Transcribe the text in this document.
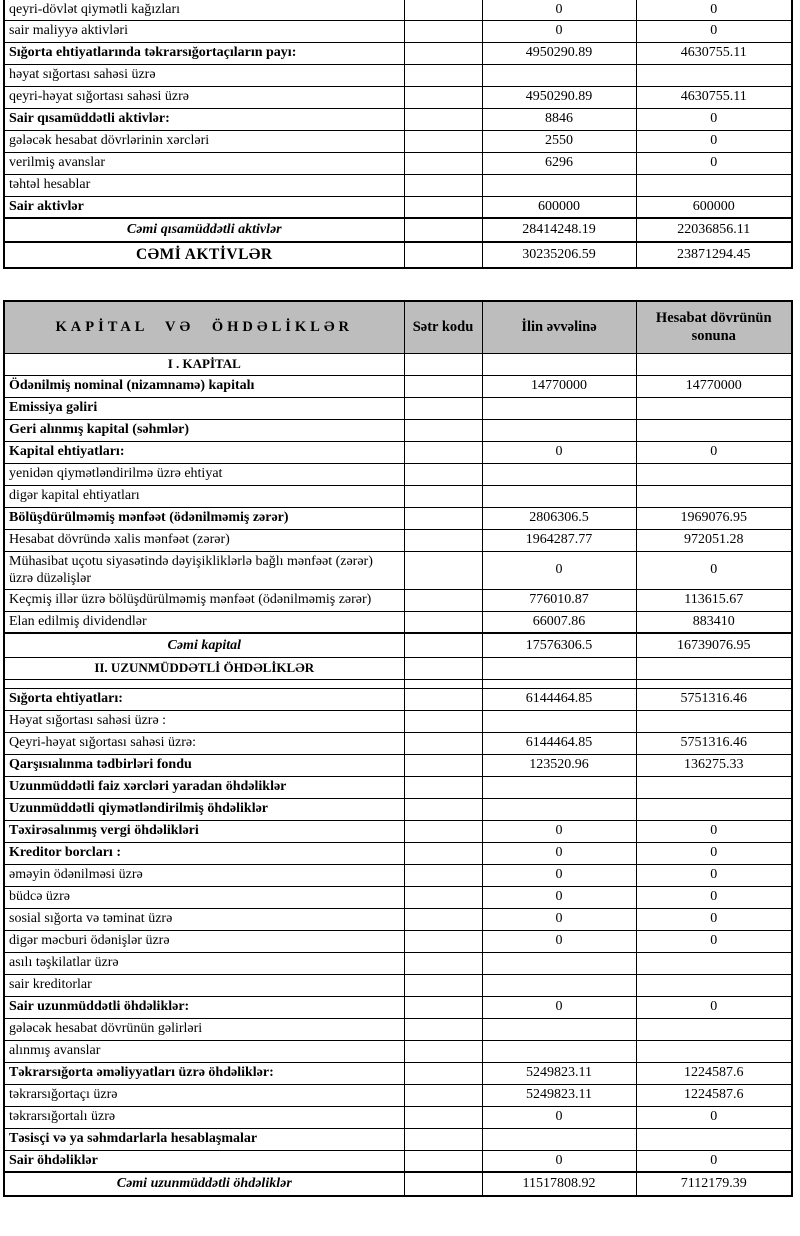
qeyri-dövlət qiymətli kağızları		0	0
sair maliyyə aktivləri		0	0
Sığorta ehtiyatlarında təkrarsığortaçıların payı:		4950290.89	4630755.11
həyat sığortası sahəsi üzrə			
qeyri-həyat sığortası sahəsi üzrə		4950290.89	4630755.11
Sair qısamüddətli aktivlər:		8846	0
gələcək hesabat dövrlərinin xərcləri		2550	0
verilmiş avanslar		6296	0
təhtəl hesablar			
Sair aktivlər		600000	600000
Cəmi qısamüddətli aktivlər		28414248.19	22036856.11
CƏMİ AKTİVLƏR		30235206.59	23871294.45
KAPİTAL VƏ ÖHDƏLİKLƏR	Sətr kodu	İlin əvvəlinə	Hesabat dövrünün sonuna
I . KAPİTAL			
Ödənilmiş nominal (nizamnamə) kapitalı		14770000	14770000
Emissiya gəliri			
Geri alınmış kapital (səhmlər)			
Kapital ehtiyatları:		0	0
yenidən qiymətləndirilmə üzrə ehtiyat			
digər kapital ehtiyatları			
Bölüşdürülməmiş mənfəət (ödənilməmiş zərər)		2806306.5	1969076.95
Hesabat dövründə xalis mənfəət (zərər)		1964287.77	972051.28
Mühasibat uçotu siyasətində dəyişikliklərlə bağlı mənfəət (zərər) üzrə düzəlişlər		0	0
Keçmiş illər üzrə bölüşdürülməmiş mənfəət (ödənilməmiş zərər)		776010.87	113615.67
Elan edilmiş dividendlər		66007.86	883410
Cəmi kapital		17576306.5	16739076.95
II. UZUNMÜDDƏTLİ ÖHDƏLİKLƏR			

Sığorta ehtiyatları:		6144464.85	5751316.46
Həyat sığortası sahəsi üzrə :			
Qeyri-həyat sığortası sahəsi üzrə:		6144464.85	5751316.46
Qarşısıalınma tədbirləri fondu		123520.96	136275.33
Uzunmüddətli faiz xərcləri yaradan öhdəliklər			
Uzunmüddətli qiymətləndirilmiş öhdəliklər			
Təxirəsalınmış vergi öhdəlikləri		0	0
Kreditor borcları :		0	0
əməyin ödənilməsi üzrə		0	0
büdcə üzrə		0	0
sosial sığorta və təminat üzrə		0	0
digər məcburi ödənişlər üzrə		0	0
asılı təşkilatlar üzrə			
sair kreditorlar			
Sair uzunmüddətli öhdəliklər:		0	0
gələcək hesabat dövrünün gəlirləri			
alınmış avanslar			
Təkrarsığorta əməliyyatları üzrə öhdəliklər:		5249823.11	1224587.6
təkrarsığortaçı üzrə		5249823.11	1224587.6
təkrarsığortalı üzrə		0	0
Təsisçi və ya səhmdarlarla hesablaşmalar			
Sair öhdəliklər		0	0
Cəmi uzunmüddətli öhdəliklər		11517808.92	7112179.39
